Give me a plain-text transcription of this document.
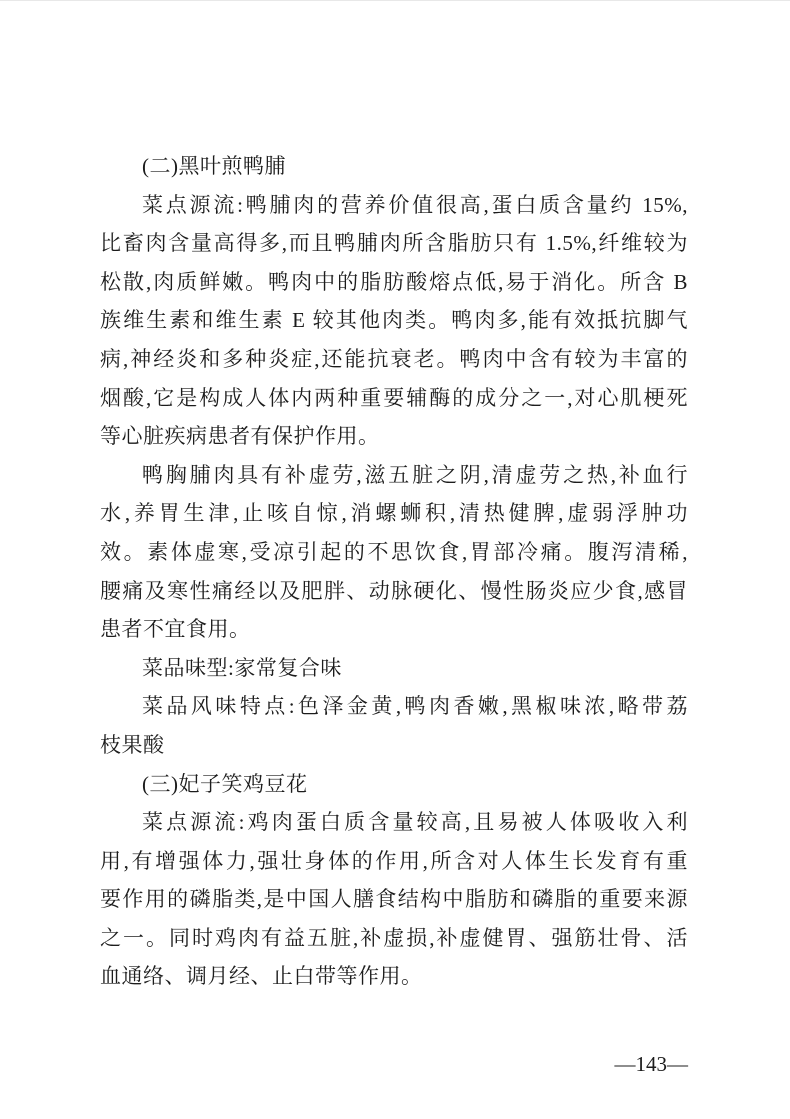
(二)黑叶煎鸭脯
菜点源流:鸭脯肉的营养价值很高,蛋白质含量约 15%,
比畜肉含量高得多,而且鸭脯肉所含脂肪只有 1.5%,纤维较为
松散,肉质鲜嫩。鸭肉中的脂肪酸熔点低,易于消化。所含 B
族维生素和维生素 E 较其他肉类。鸭肉多,能有效抵抗脚气
病,神经炎和多种炎症,还能抗衰老。鸭肉中含有较为丰富的
烟酸,它是构成人体内两种重要辅酶的成分之一,对心肌梗死
等心脏疾病患者有保护作用。
鸭胸脯肉具有补虚劳,滋五脏之阴,清虚劳之热,补血行
水,养胃生津,止咳自惊,消螺蛳积,清热健脾,虚弱浮肿功
效。素体虚寒,受凉引起的不思饮食,胃部冷痛。腹泻清稀,
腰痛及寒性痛经以及肥胖、动脉硬化、慢性肠炎应少食,感冒
患者不宜食用。
菜品味型:家常复合味
菜品风味特点:色泽金黄,鸭肉香嫩,黑椒味浓,略带荔
枝果酸
(三)妃子笑鸡豆花
菜点源流:鸡肉蛋白质含量较高,且易被人体吸收入利
用,有增强体力,强壮身体的作用,所含对人体生长发育有重
要作用的磷脂类,是中国人膳食结构中脂肪和磷脂的重要来源
之一。同时鸡肉有益五脏,补虚损,补虚健胃、强筋壮骨、活
血通络、调月经、止白带等作用。
—143—
